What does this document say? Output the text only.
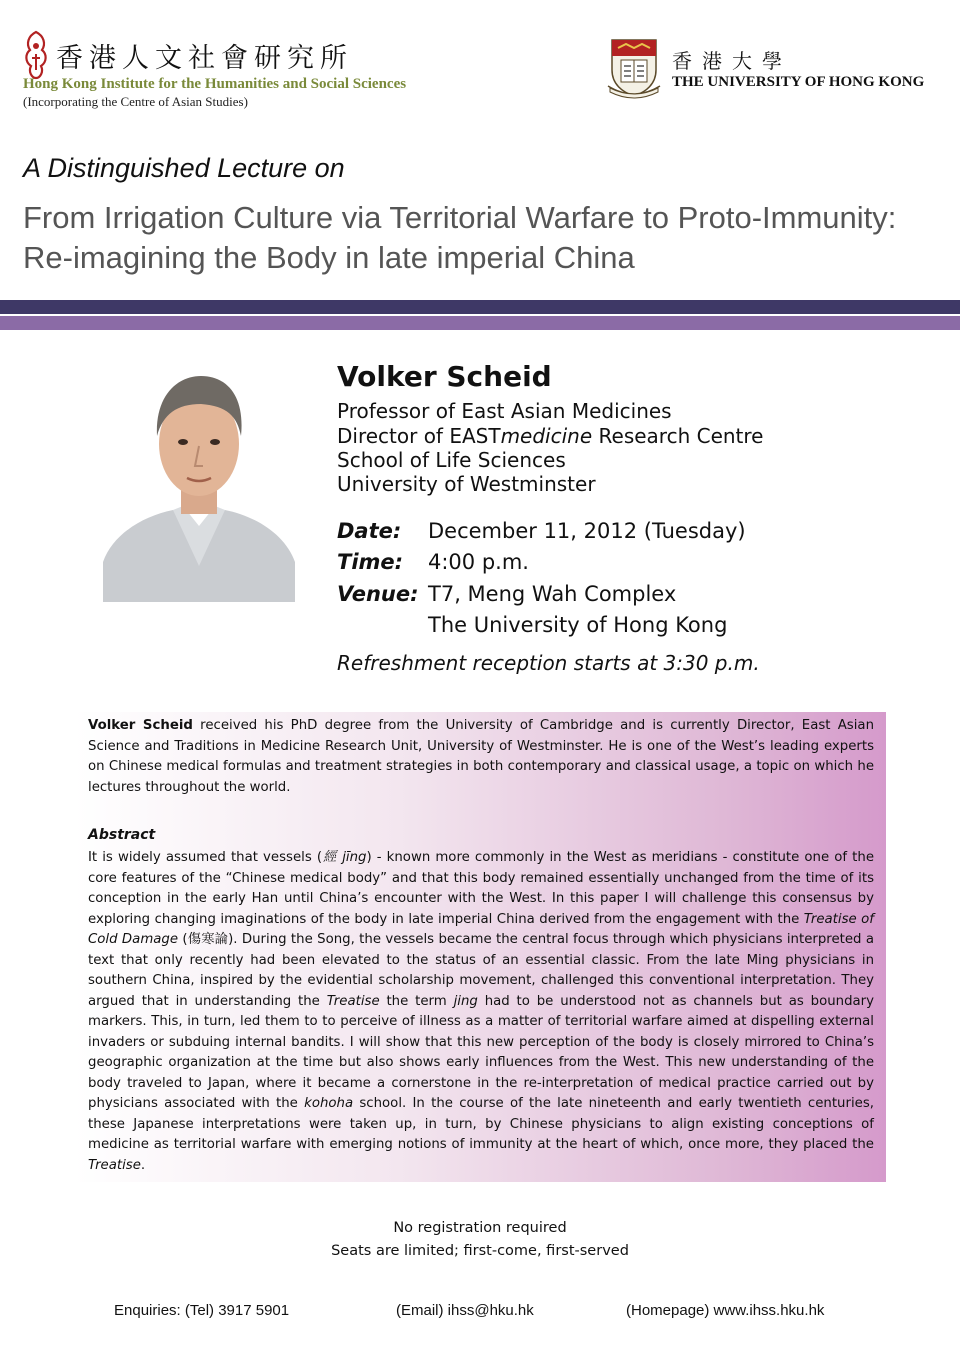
香港人文社會研究所
Hong Kong Institute for the Humanities and Social Sciences
(Incorporating the Centre of Asian Studies)
香港大學
THE UNIVERSITY OF HONG KONG
A Distinguished Lecture on
From Irrigation Culture via Territorial Warfare to Proto-Immunity: Re-imagining the Body in late imperial China
Volker Scheid
Professor of East Asian Medicines
Director of EASTmedicine Research Centre
School of Life Sciences
University of Westminster
Date: December 11, 2012 (Tuesday)
Time: 4:00 p.m.
Venue: T7, Meng Wah Complex
The University of Hong Kong
Refreshment reception starts at 3:30 p.m.
Volker Scheid received his PhD degree from the University of Cambridge and is currently Director, East Asian Science and Traditions in Medicine Research Unit, University of Westminster. He is one of the West’s leading experts on Chinese medical formulas and treatment strategies in both contemporary and classical usage, a topic on which he lectures throughout the world.
Abstract
It is widely assumed that vessels (經 jīng) - known more commonly in the West as meridians - constitute one of the core features of the “Chinese medical body” and that this body remained essentially unchanged from the time of its conception in the early Han until China’s encounter with the West. In this paper I will challenge this consensus by exploring changing imaginations of the body in late imperial China derived from the engagement with the Treatise of Cold Damage (傷寒論). During the Song, the vessels became the central focus through which physicians interpreted a text that only recently had been elevated to the status of an essential classic. From the late Ming physicians in southern China, inspired by the evidential scholarship movement, challenged this conventional interpretation. They argued that in understanding the Treatise the term jing had to be understood not as channels but as boundary markers. This, in turn, led them to to perceive of illness as a matter of territorial warfare aimed at dispelling external invaders or subduing internal bandits. I will show that this new perception of the body is closely mirrored to China’s geographic organization at the time but also shows early influences from the West. This new understanding of the body traveled to Japan, where it became a cornerstone in the re-interpretation of medical practice carried out by physicians associated with the kohoha school. In the course of the late nineteenth and early twentieth centuries, these Japanese interpretations were taken up, in turn, by Chinese physicians to align existing conceptions of medicine as territorial warfare with emerging notions of immunity at the heart of which, once more, they placed the Treatise.
No registration required
Seats are limited; first-come, first-served
Enquiries: (Tel) 3917 5901	(Email) ihss@hku.hk	(Homepage) www.ihss.hku.hk
